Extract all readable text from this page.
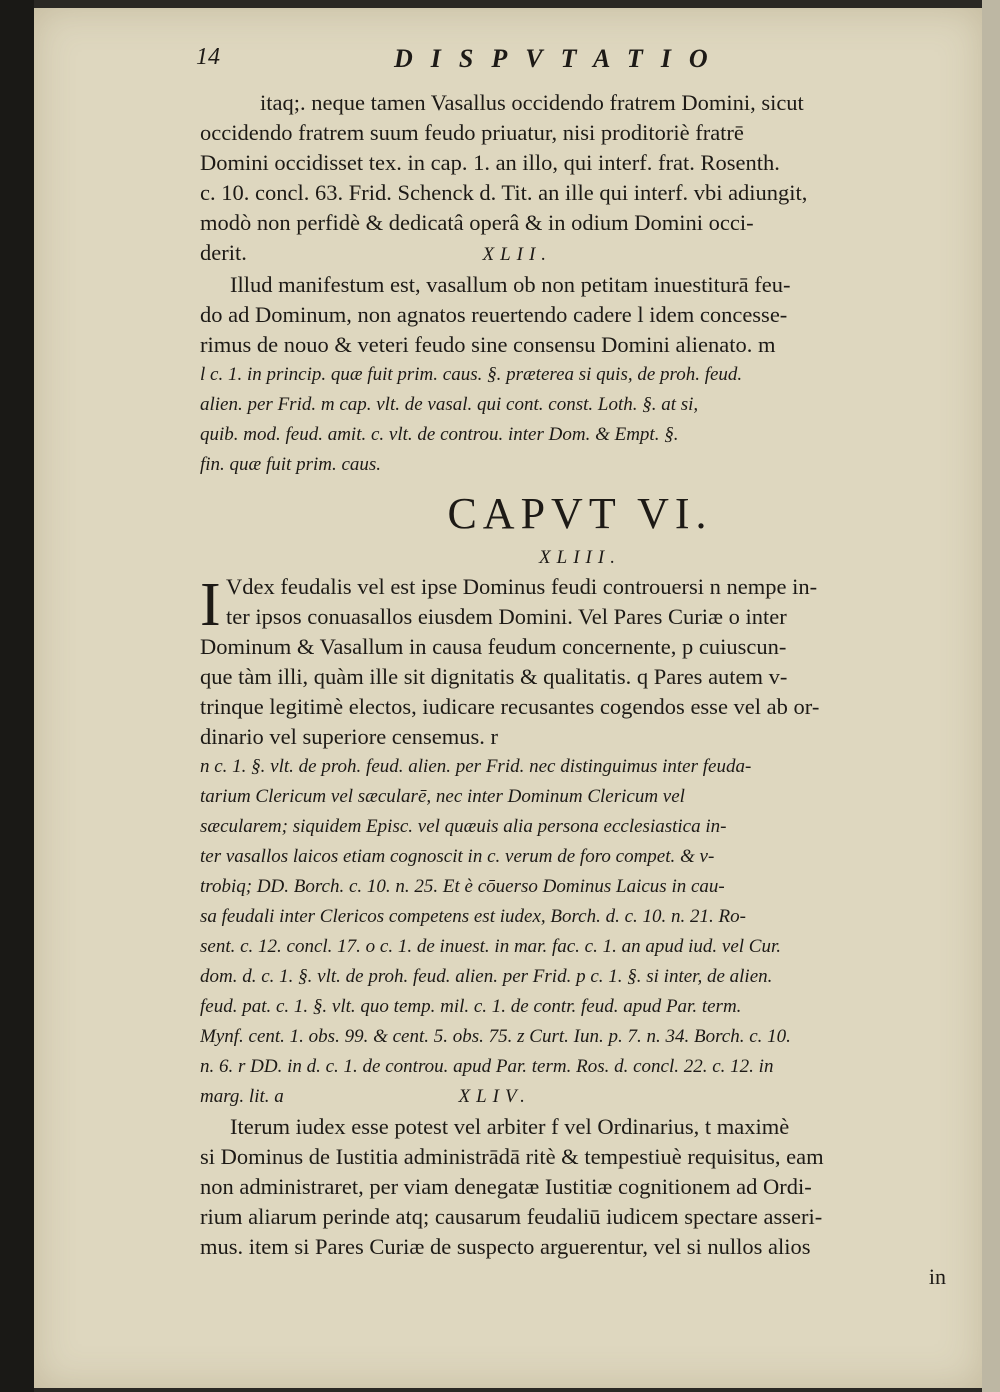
14	DISPVTATIO
itaq;. neque tamen Vasallus occidendo fratrem Domini, sicut
occidendo fratrem suum feudo priuatur, nisi proditoriè fratrē
Domini occidisset tex. in cap. 1. an illo, qui interf. frat. Rosenth.
c. 10. concl. 63. Frid. Schenck d. Tit. an ille qui interf. vbi adiungit,
modò non perfidè & dedicatâ operâ & in odium Domini occi-
derit.	XLII.
Illud manifestum est, vasallum ob non petitam inuestiturā feu-
do ad Dominum, non agnatos reuertendo cadere l idem concesse-
rimus de nouo & veteri feudo sine consensu Domini alienato. m
l c. 1. in princip. quæ fuit prim. caus. §. præterea si quis, de proh. feud.
alien. per Frid. m cap. vlt. de vasal. qui cont. const. Loth. §. at si,
quib. mod. feud. amit. c. vlt. de controu. inter Dom. & Empt. §.
fin. quæ fuit prim. caus.
CAPVT VI.
XLIII.
I Vdex feudalis vel est ipse Dominus feudi controuersi n nempe in-
ter ipsos conuasallos eiusdem Domini. Vel Pares Curiæ o inter
Dominum & Vasallum in causa feudum concernente, p cuiuscun-
que tàm illi, quàm ille sit dignitatis & qualitatis. q Pares autem v-
trinque legitimè electos, iudicare recusantes cogendos esse vel ab or-
dinario vel superiore censemus. r
n c. 1. §. vlt. de proh. feud. alien. per Frid. nec distinguimus inter feuda-
tarium Clericum vel sæcularē, nec inter Dominum Clericum vel
sæcularem; siquidem Episc. vel quæuis alia persona ecclesiastica in-
ter vasallos laicos etiam cognoscit in c. verum de foro compet. & v-
trobiq; DD. Borch. c. 10. n. 25. Et è cōuerso Dominus Laicus in cau-
sa feudali inter Clericos competens est iudex, Borch. d. c. 10. n. 21. Ro-
sent. c. 12. concl. 17. o c. 1. de inuest. in mar. fac. c. 1. an apud iud. vel Cur.
dom. d. c. 1. §. vlt. de proh. feud. alien. per Frid. p c. 1. §. si inter, de alien.
feud. pat. c. 1. §. vlt. quo temp. mil. c. 1. de contr. feud. apud Par. term.
Mynf. cent. 1. obs. 99. & cent. 5. obs. 75. z Curt. Iun. p. 7. n. 34. Borch. c. 10.
n. 6. r DD. in d. c. 1. de controu. apud Par. term. Ros. d. concl. 22. c. 12. in
marg. lit. a	XLIV.
Iterum iudex esse potest vel arbiter f vel Ordinarius, t maximè
si Dominus de Iustitia administrādā ritè & tempestiuè requisitus, eam
non administraret, per viam denegatæ Iustitiæ cognitionem ad Ordi-
rium aliarum perinde atq; causarum feudaliū iudicem spectare asseri-
mus. item si Pares Curiæ de suspecto arguerentur, vel si nullos alios
in
